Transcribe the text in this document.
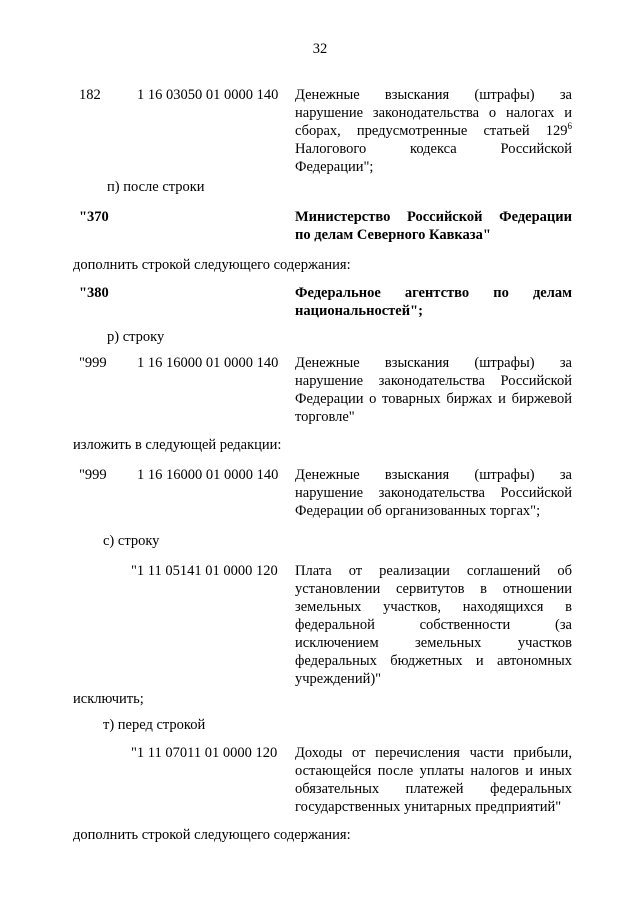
32
182	1 16 03050 01 0000 140 Денежные взыскания (штрафы) за
нарушение законодательства о налогах и
сборах, предусмотренные статьей $129^6$
Налогового кодекса Российской
Федерации";
п) после строки
"370	Министерство Российской Федерации
по делам Северного Кавказа"
дополнить строкой следующего содержания:
"380	Федеральное агентство по делам
национальностей";
р) строку
"999 1 16 16000 01 0000 140 Денежные взыскания (штрафы) за
нарушение законодательства Российской
Федерации о товарных биржах и биржевой
торговле"
изложить в следующей редакции:
"999 1 16 16000 01 0000 140 Денежные взыскания (штрафы) за
нарушение законодательства Российской
Федерации об организованных торгах";
с) строку
"1 11 05141 01 0000 120 Плата от реализации соглашений об
установлении сервитутов в отношении
земельных участков, находящихся в
федеральной собственности (за
исключением земельных участков
федеральных бюджетных и автономных
учреждений)"
исключить;
т) перед строкой
"1 11 07011 01 0000 120 Доходы от перечисления части прибыли,
остающейся после уплаты налогов и иных
обязательных платежей федеральных
государственных унитарных предприятий"
дополнить строкой следующего содержания:
